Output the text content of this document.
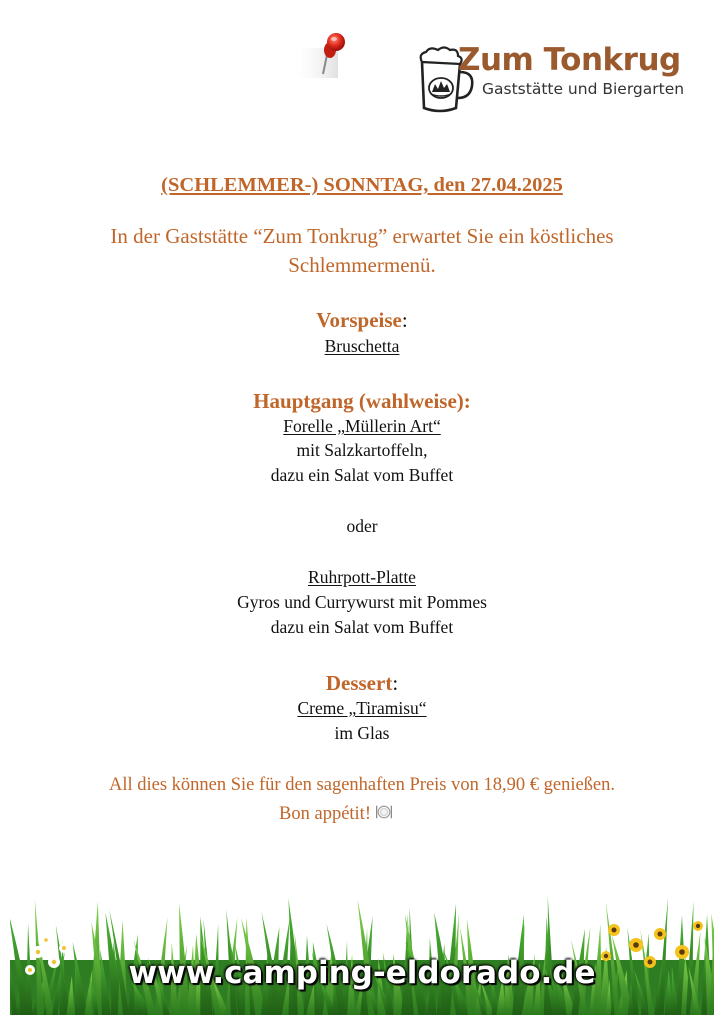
Zum Tonkrug
Gaststätte und Biergarten
(SCHLEMMER-) SONNTAG, den 27.04.2025
In der Gaststätte “Zum Tonkrug” erwartet Sie ein köstliches
Schlemmermenü.
Vorspeise:
Bruschetta
Hauptgang (wahlweise):
Forelle „Müllerin Art“
mit Salzkartoffeln,
dazu ein Salat vom Buffet
oder
Ruhrpott-Platte
Gyros und Currywurst mit Pommes
dazu ein Salat vom Buffet
Dessert:
Creme „Tiramisu“
im Glas
All dies können Sie für den sagenhaften Preis von 18,90 € genießen.
Bon appétit!
www.camping-eldorado.de
